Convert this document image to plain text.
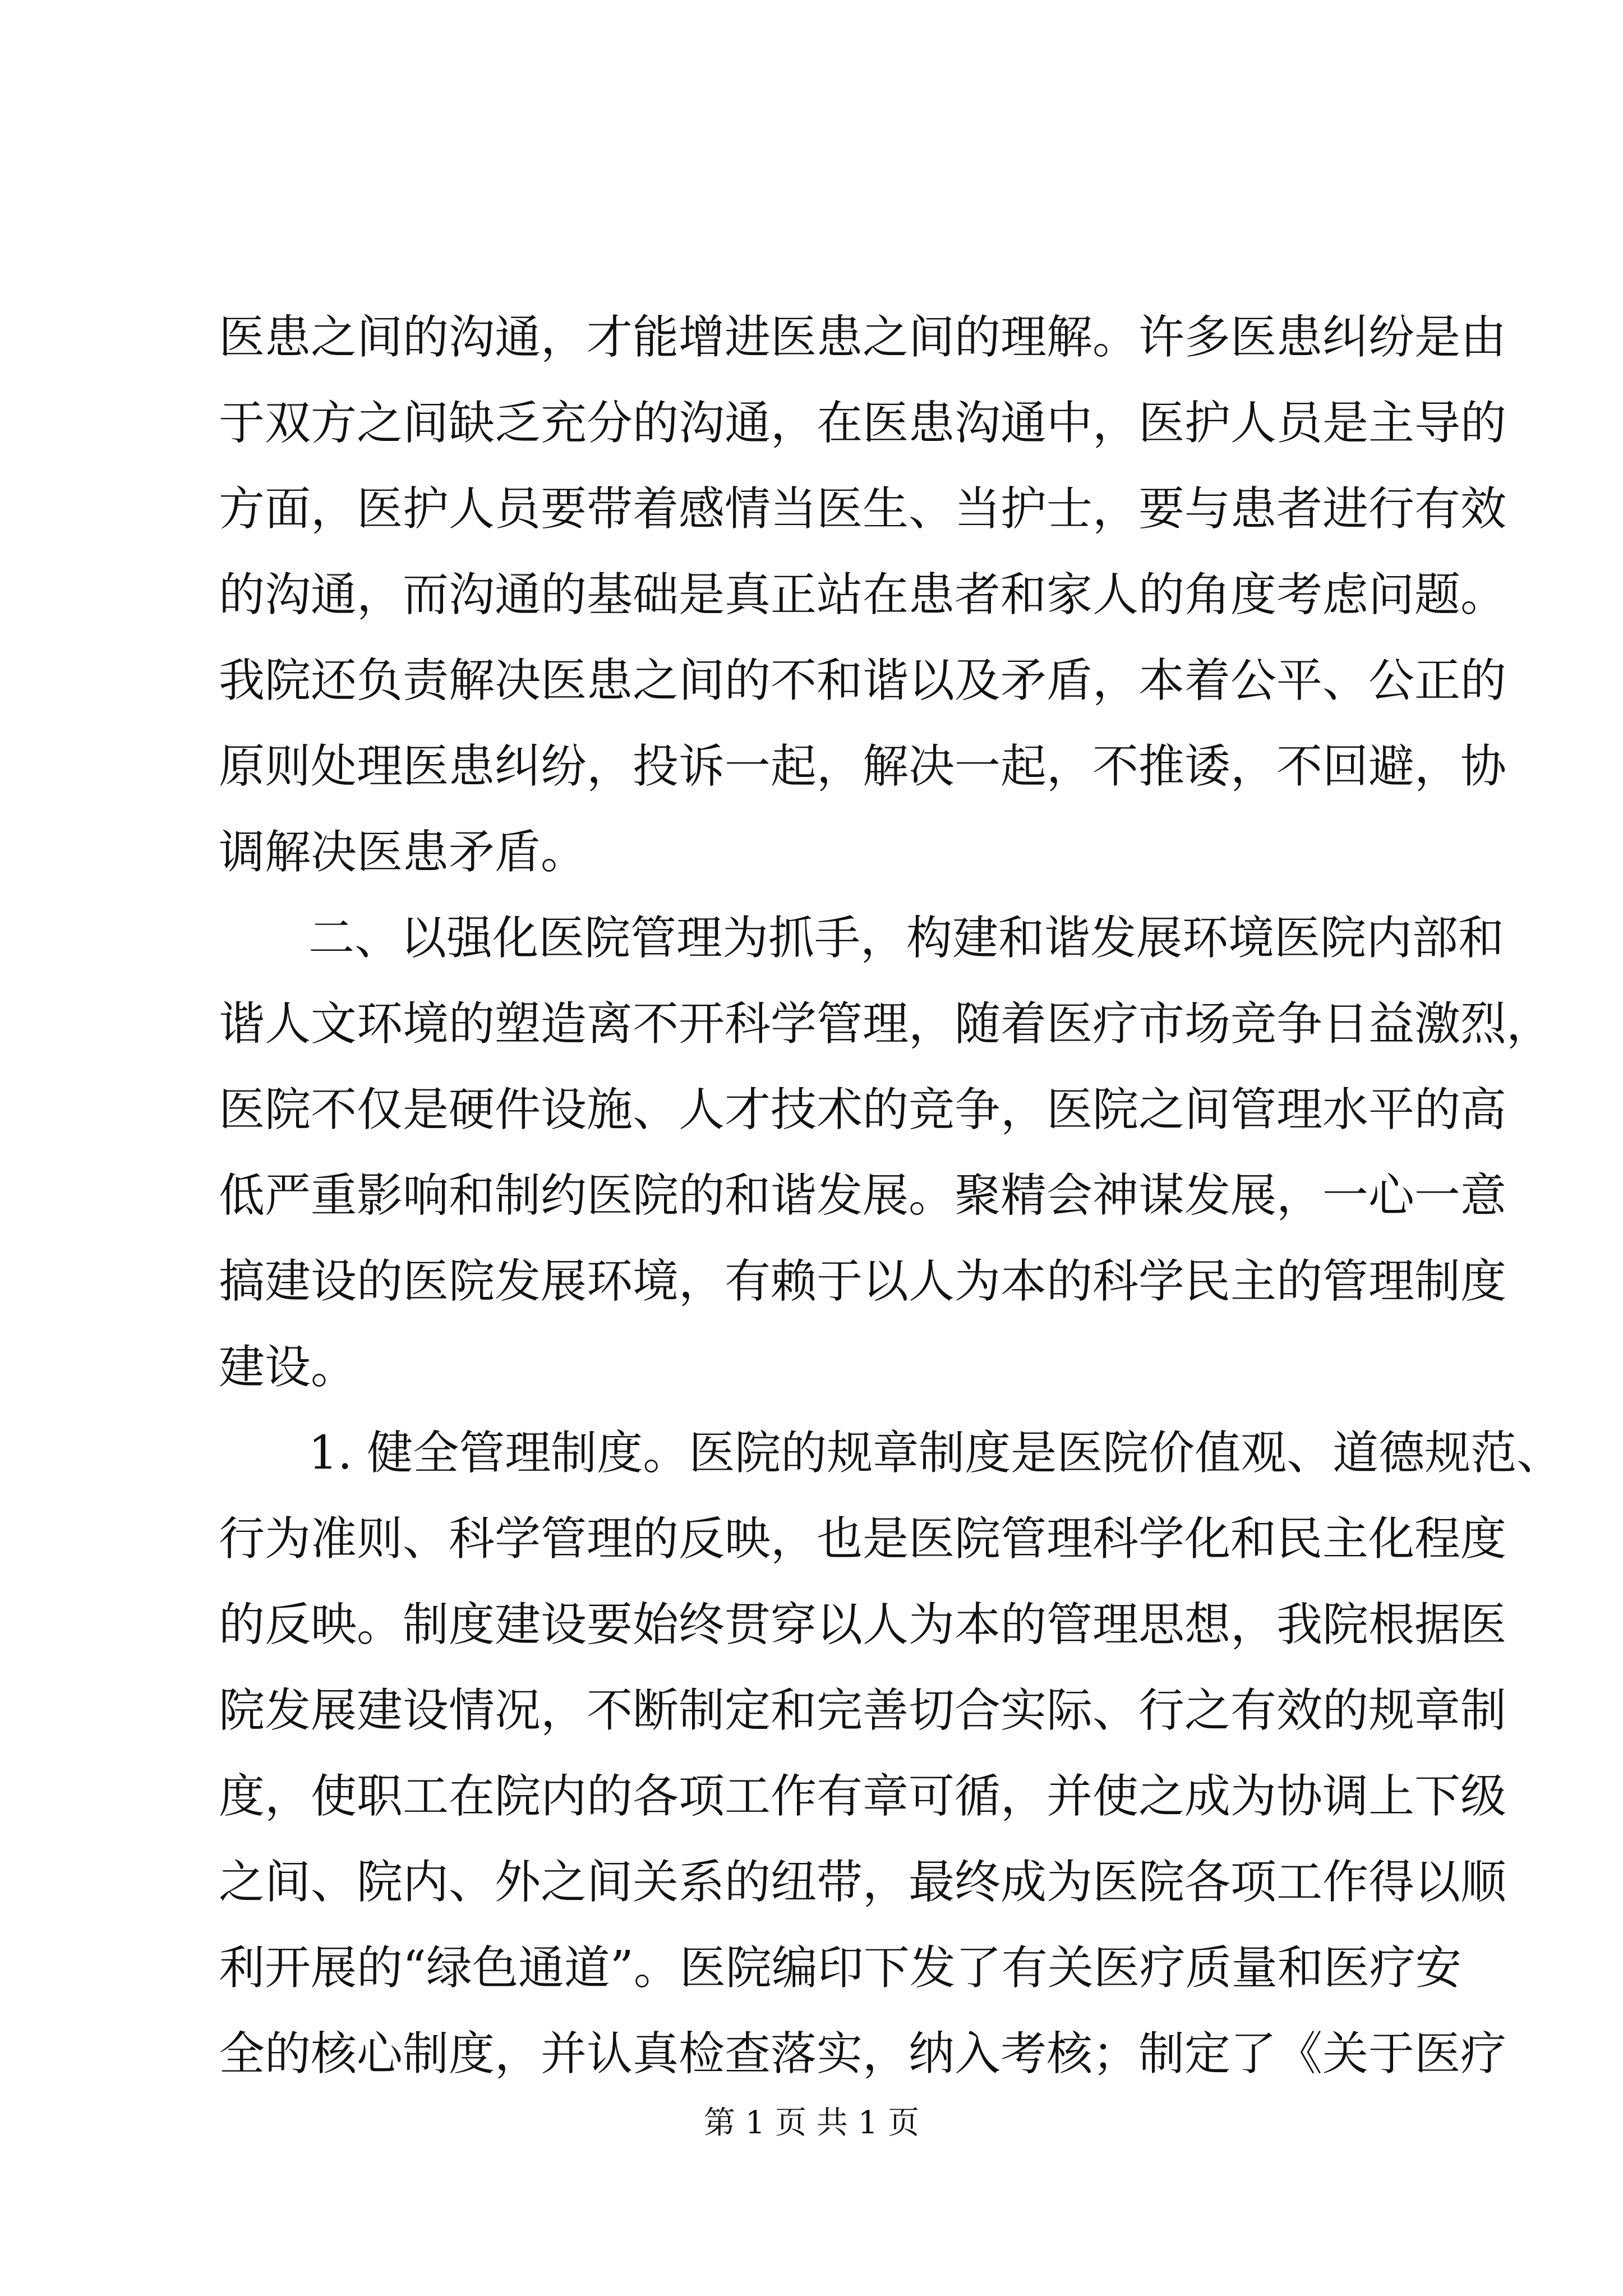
医患之间的沟通，才能增进医患之间的理解。许多医患纠纷是由
于双方之间缺乏充分的沟通，在医患沟通中，医护人员是主导的
方面，医护人员要带着感情当医生、当护士，要与患者进行有效
的沟通，而沟通的基础是真正站在患者和家人的角度考虑问题。
我院还负责解决医患之间的不和谐以及矛盾，本着公平、公正的
原则处理医患纠纷，投诉一起，解决一起，不推诿，不回避，协
调解决医患矛盾。
二、以强化医院管理为抓手，构建和谐发展环境医院内部和
谐人文环境的塑造离不开科学管理，随着医疗市场竞争日益激烈，
医院不仅是硬件设施、人才技术的竞争，医院之间管理水平的高
低严重影响和制约医院的和谐发展。聚精会神谋发展，一心一意
搞建设的医院发展环境，有赖于以人为本的科学民主的管理制度
建设。
1. 健全管理制度。医院的规章制度是医院价值观、道德规范、
行为准则、科学管理的反映，也是医院管理科学化和民主化程度
的反映。制度建设要始终贯穿以人为本的管理思想，我院根据医
院发展建设情况，不断制定和完善切合实际、行之有效的规章制
度，使职工在院内的各项工作有章可循，并使之成为协调上下级
之间、院内、外之间关系的纽带，最终成为医院各项工作得以顺
利开展的“绿色通道”。医院编印下发了有关医疗质量和医疗安
全的核心制度，并认真检查落实，纳入考核；制定了《关于医疗
第 1 页 共 1 页
